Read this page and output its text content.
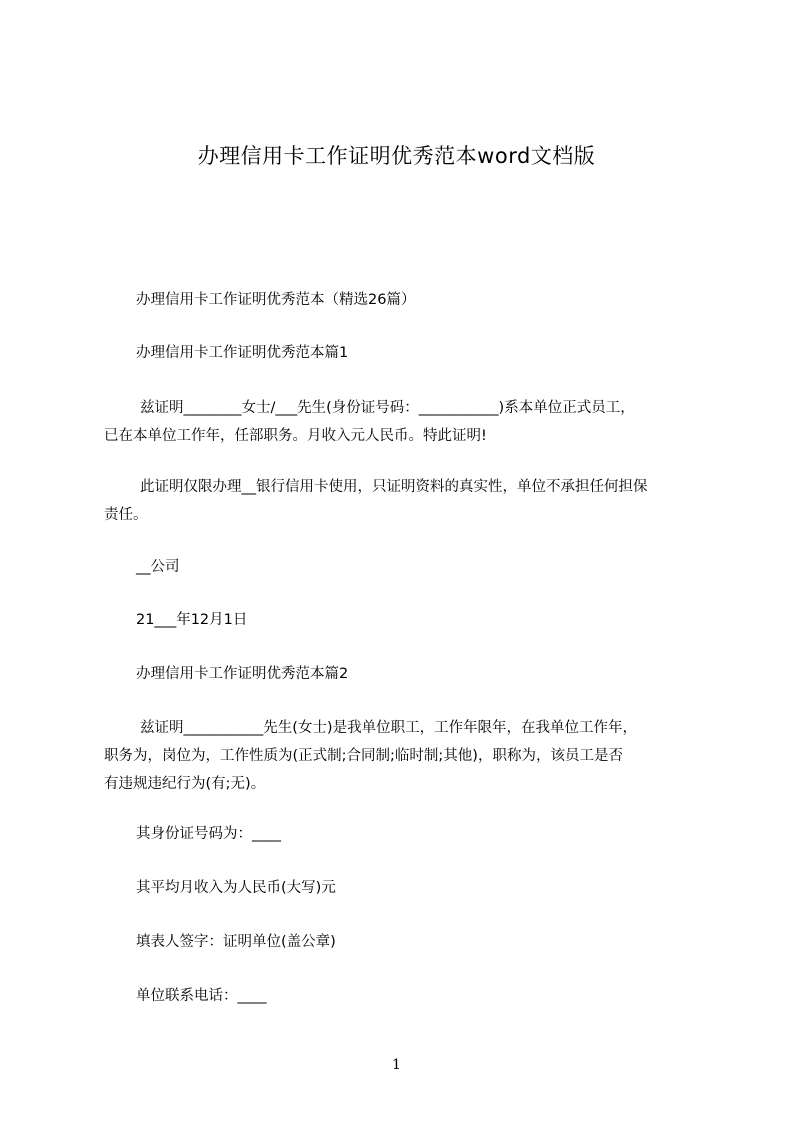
办理信用卡工作证明优秀范本word文档版
办理信用卡工作证明优秀范本（精选26篇）
办理信用卡工作证明优秀范本篇1
兹证明________女士/___先生(身份证号码：___________)系本单位正式员工，
已在本单位工作年，任部职务。月收入元人民币。特此证明!
此证明仅限办理__银行信用卡使用，只证明资料的真实性，单位不承担任何担保
责任。
__公司
21___年12月1日
办理信用卡工作证明优秀范本篇2
兹证明___________先生(女士)是我单位职工，工作年限年，在我单位工作年，
职务为，岗位为，工作性质为(正式制;合同制;临时制;其他)，职称为，该员工是否
有违规违纪行为(有;无)。
其身份证号码为：____
其平均月收入为人民币(大写)元
填表人签字：证明单位(盖公章)
单位联系电话：____
1
